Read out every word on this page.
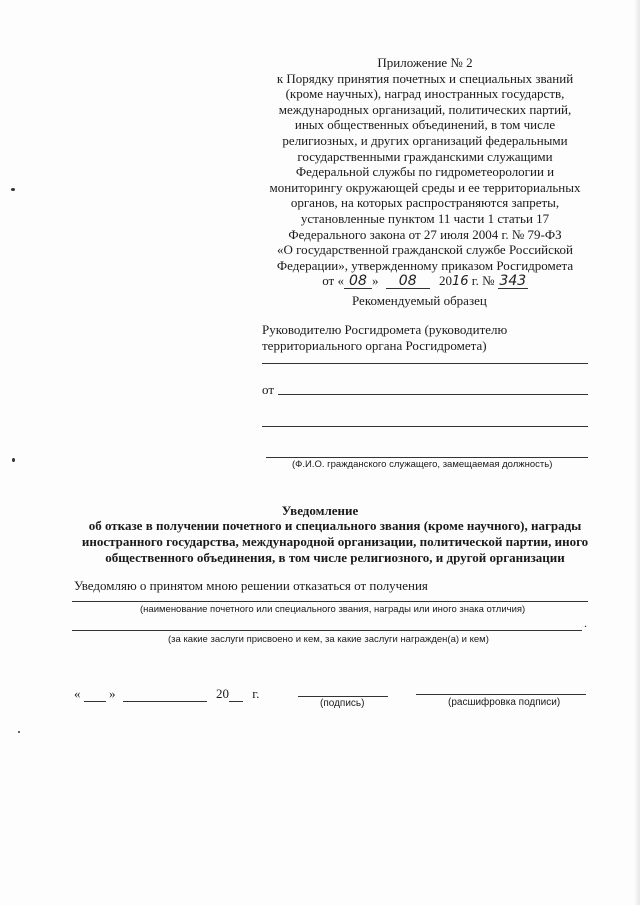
Приложение № 2
к Порядку принятия почетных и специальных званий
(кроме научных), наград иностранных государств,
международных организаций, политических партий,
иных общественных объединений, в том числе
религиозных, и других организаций федеральными
государственными гражданскими служащими
Федеральной службы по гидрометеорологии и
мониторингу окружающей среды и ее территориальных
органов, на которых распространяются запреты,
установленные пунктом 11 части 1 статьи 17
Федерального закона от 27 июля 2004 г. № 79-ФЗ
«О государственной гражданской службе Российской
Федерации», утвержденному приказом Росгидромета
от « 08 » 08 2016 г. № 343
Рекомендуемый образец
Руководителю Росгидромета (руководителю
территориального органа Росгидромета)
от
(Ф.И.О. гражданского служащего, замещаемая должность)
Уведомление
об отказе в получении почетного и специального звания (кроме научного), награды
иностранного государства, международной организации, политической партии, иного
общественного объединения, в том числе религиозного, и другой организации
Уведомляю о принятом мною решении отказаться от получения
(наименование почетного или специального звания, награды или иного знака отличия)
.
(за какие заслуги присвоено и кем, за какие заслуги награжден(а) и кем)
« »	20 г.
(подпись)	(расшифровка подписи)
